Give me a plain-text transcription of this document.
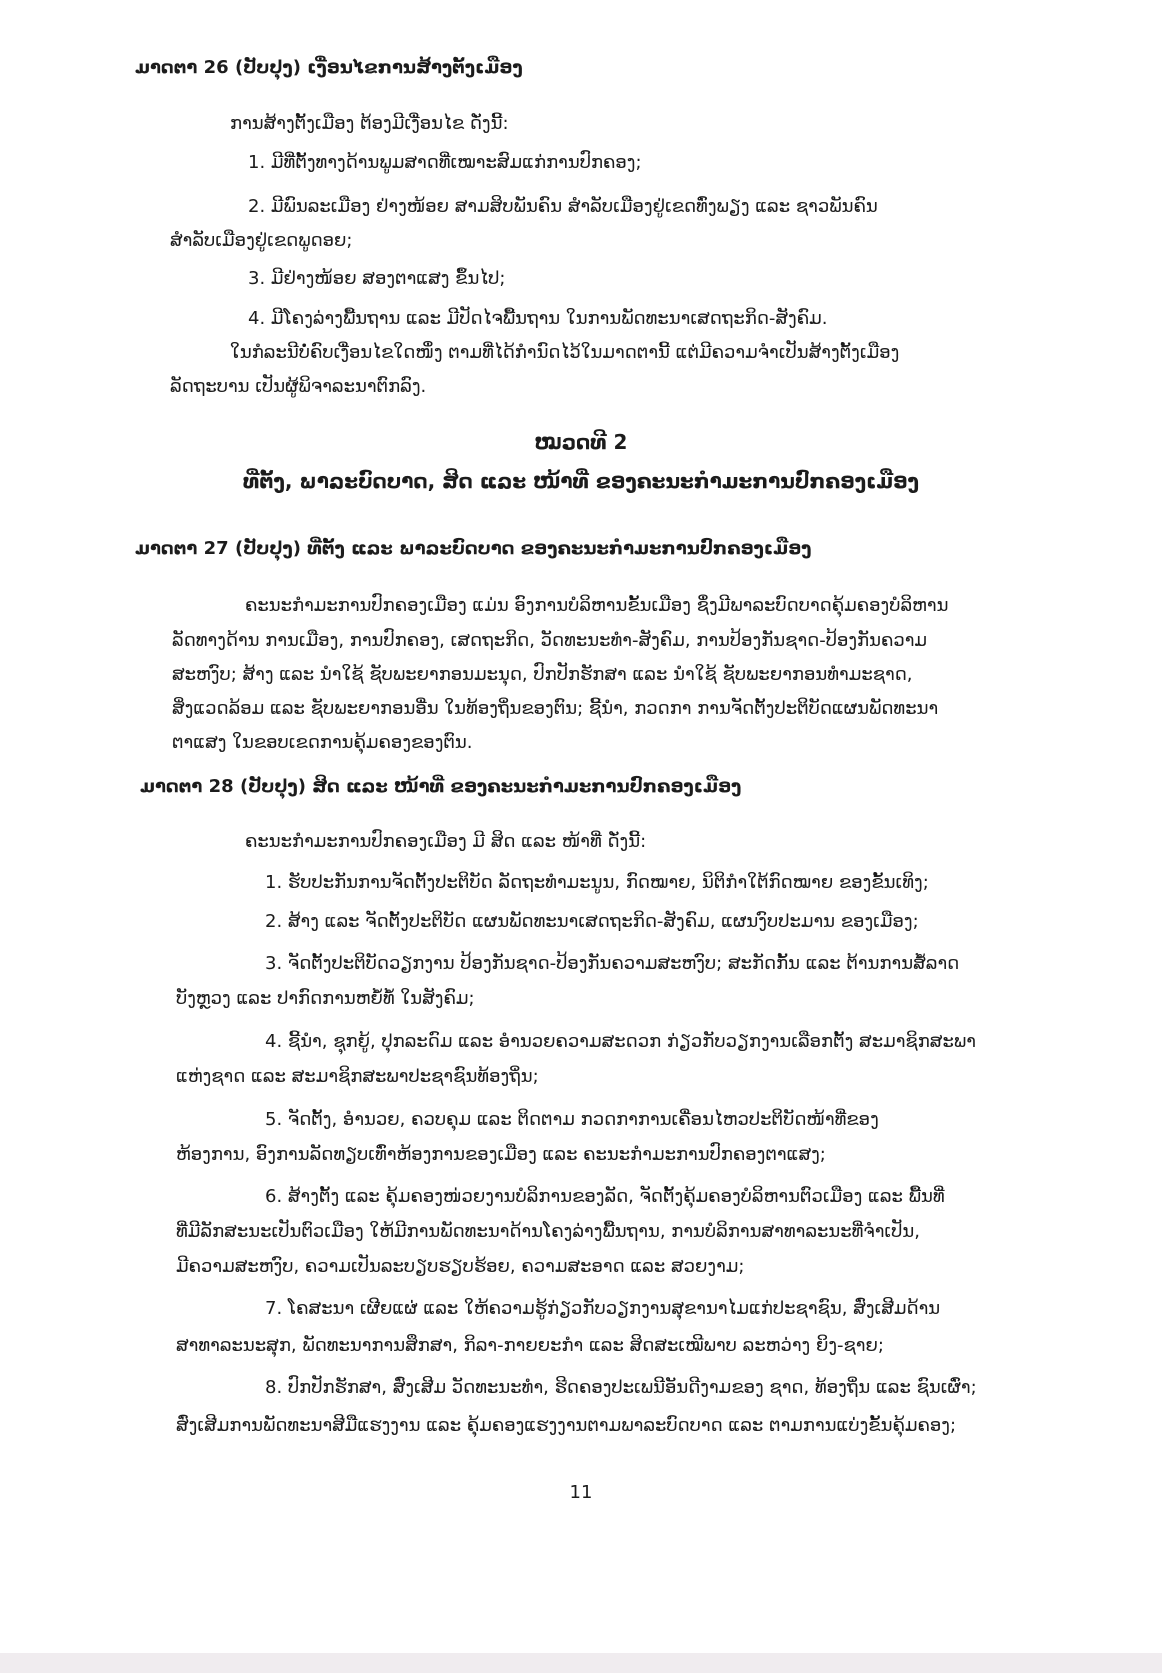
ມາດຕາ 26 (ປັບປຸງ) ເງື່ອນໄຂການສ້າງຕັ້ງເມືອງ

ການສ້າງຕັ້ງເມືອງ ຕ້ອງມີເງື່ອນໄຂ ດັ່ງນີ້:

1. ມີທີ່ຕັ້ງທາງດ້ານພູມສາດທີ່ເໝາະສົມແກ່ການປົກຄອງ;

2. ມີພົນລະເມືອງ ຢ່າງໜ້ອຍ ສາມສິບພັນຄົນ ສໍາລັບເມືອງຢູ່ເຂດທົ່ງພຽງ ແລະ ຊາວພັນຄົນ

ສໍາລັບເມືອງຢູ່ເຂດພູດອຍ;

3. ມີຢ່າງໜ້ອຍ ສອງຕາແສງ ຂຶ້ນໄປ;

4. ມີໂຄງລ່າງພື້ນຖານ ແລະ ມີປັດໄຈພື້ນຖານ ໃນການພັດທະນາເສດຖະກິດ-ສັງຄົມ.

ໃນກໍລະນີບໍ່ຄົບເງື່ອນໄຂໃດໜຶ່ງ ຕາມທີ່ໄດ້ກໍານົດໄວ້ໃນມາດຕານີ້ ແຕ່ມີຄວາມຈໍາເປັນສ້າງຕັ້ງເມືອງ

ລັດຖະບານ ເປັນຜູ້ພິຈາລະນາຕົກລົງ.

ໝວດທີ 2

ທີ່ຕັ້ງ, ພາລະບົດບາດ, ສິດ ແລະ ໜ້າທີ່ ຂອງຄະນະກໍາມະການປົກຄອງເມືອງ

ມາດຕາ 27 (ປັບປຸງ) ທີ່ຕັ້ງ ແລະ ພາລະບົດບາດ ຂອງຄະນະກໍາມະການປົກຄອງເມືອງ

ຄະນະກໍາມະການປົກຄອງເມືອງ ແມ່ນ ອົງການບໍລິຫານຂັ້ນເມືອງ ຊຶ່ງມີພາລະບົດບາດຄຸ້ມຄອງບໍລິຫານ

ລັດທາງດ້ານ ການເມືອງ, ການປົກຄອງ, ເສດຖະກິດ, ວັດທະນະທໍາ-ສັງຄົມ, ການປ້ອງກັນຊາດ-ປ້ອງກັນຄວາມ

ສະຫງົບ; ສ້າງ ແລະ ນໍາໃຊ້ ຊັບພະຍາກອນມະນຸດ, ປົກປັກຮັກສາ ແລະ ນໍາໃຊ້ ຊັບພະຍາກອນທໍາມະຊາດ,

ສິ່ງແວດລ້ອມ ແລະ ຊັບພະຍາກອນອື່ນ ໃນທ້ອງຖິ່ນຂອງຕົນ; ຊີ້ນໍາ, ກວດກາ ການຈັດຕັ້ງປະຕິບັດແຜນພັດທະນາ

ຕາແສງ ໃນຂອບເຂດການຄຸ້ມຄອງຂອງຕົນ.

ມາດຕາ 28 (ປັບປຸງ) ສິດ ແລະ ໜ້າທີ່ ຂອງຄະນະກໍາມະການປົກຄອງເມືອງ

ຄະນະກໍາມະການປົກຄອງເມືອງ ມີ ສິດ ແລະ ໜ້າທີ່ ດັ່ງນີ້:

1. ຮັບປະກັນການຈັດຕັ້ງປະຕິບັດ ລັດຖະທໍາມະນູນ, ກົດໝາຍ, ນິຕິກໍາໃຕ້ກົດໝາຍ ຂອງຂັ້ນເທິງ;

2. ສ້າງ ແລະ ຈັດຕັ້ງປະຕິບັດ ແຜນພັດທະນາເສດຖະກິດ-ສັງຄົມ, ແຜນງົບປະມານ ຂອງເມືອງ;

3. ຈັດຕັ້ງປະຕິບັດວຽກງານ ປ້ອງກັນຊາດ-ປ້ອງກັນຄວາມສະຫງົບ; ສະກັດກັ້ນ ແລະ ຕ້ານການສໍ້ລາດ

ບັງຫຼວງ ແລະ ປາກົດການຫຍໍ້ທໍ້ ໃນສັງຄົມ;

4. ຊີ້ນໍາ, ຊຸກຍູ້, ປຸກລະດົມ ແລະ ອໍານວຍຄວາມສະດວກ ກ່ຽວກັບວຽກງານເລືອກຕັ້ງ ສະມາຊິກສະພາ

ແຫ່ງຊາດ ແລະ ສະມາຊິກສະພາປະຊາຊົນທ້ອງຖິ່ນ;

5. ຈັດຕັ້ງ, ອໍານວຍ, ຄວບຄຸມ ແລະ ຕິດຕາມ ກວດກາການເຄື່ອນໄຫວປະຕິບັດໜ້າທີ່ຂອງ

ຫ້ອງການ, ອົງການລັດທຽບເທົ່າຫ້ອງການຂອງເມືອງ ແລະ ຄະນະກໍາມະການປົກຄອງຕາແສງ;

6. ສ້າງຕັ້ງ ແລະ ຄຸ້ມຄອງໜ່ວຍງານບໍລິການຂອງລັດ, ຈັດຕັ້ງຄຸ້ມຄອງບໍລິຫານຕົວເມືອງ ແລະ ພື້ນທີ່

ທີ່ມີລັກສະນະເປັນຕົວເມືອງ ໃຫ້ມີການພັດທະນາດ້ານໂຄງລ່າງພື້ນຖານ, ການບໍລິການສາທາລະນະທີ່ຈໍາເປັນ,

ມີຄວາມສະຫງົບ, ຄວາມເປັນລະບຽບຮຽບຮ້ອຍ, ຄວາມສະອາດ ແລະ ສວຍງາມ;

7. ໂຄສະນາ ເຜີຍແຜ່ ແລະ ໃຫ້ຄວາມຮູ້ກ່ຽວກັບວຽກງານສຸຂານາໄມແກ່ປະຊາຊົນ, ສົ່ງເສີມດ້ານ

ສາທາລະນະສຸກ, ພັດທະນາການສຶກສາ, ກິລາ-ກາຍຍະກໍາ ແລະ ສິດສະເໝີພາບ ລະຫວ່າງ ຍິງ-ຊາຍ;

8. ປົກປັກຮັກສາ, ສົ່ງເສີມ ວັດທະນະທໍາ, ຮີດຄອງປະເພນີອັນດີງາມຂອງ ຊາດ, ທ້ອງຖິ່ນ ແລະ ຊົນເຜົ່າ;

ສົ່ງເສີມການພັດທະນາສີມືແຮງງານ ແລະ ຄຸ້ມຄອງແຮງງານຕາມພາລະບົດບາດ ແລະ ຕາມການແບ່ງຂັ້ນຄຸ້ມຄອງ;

11
